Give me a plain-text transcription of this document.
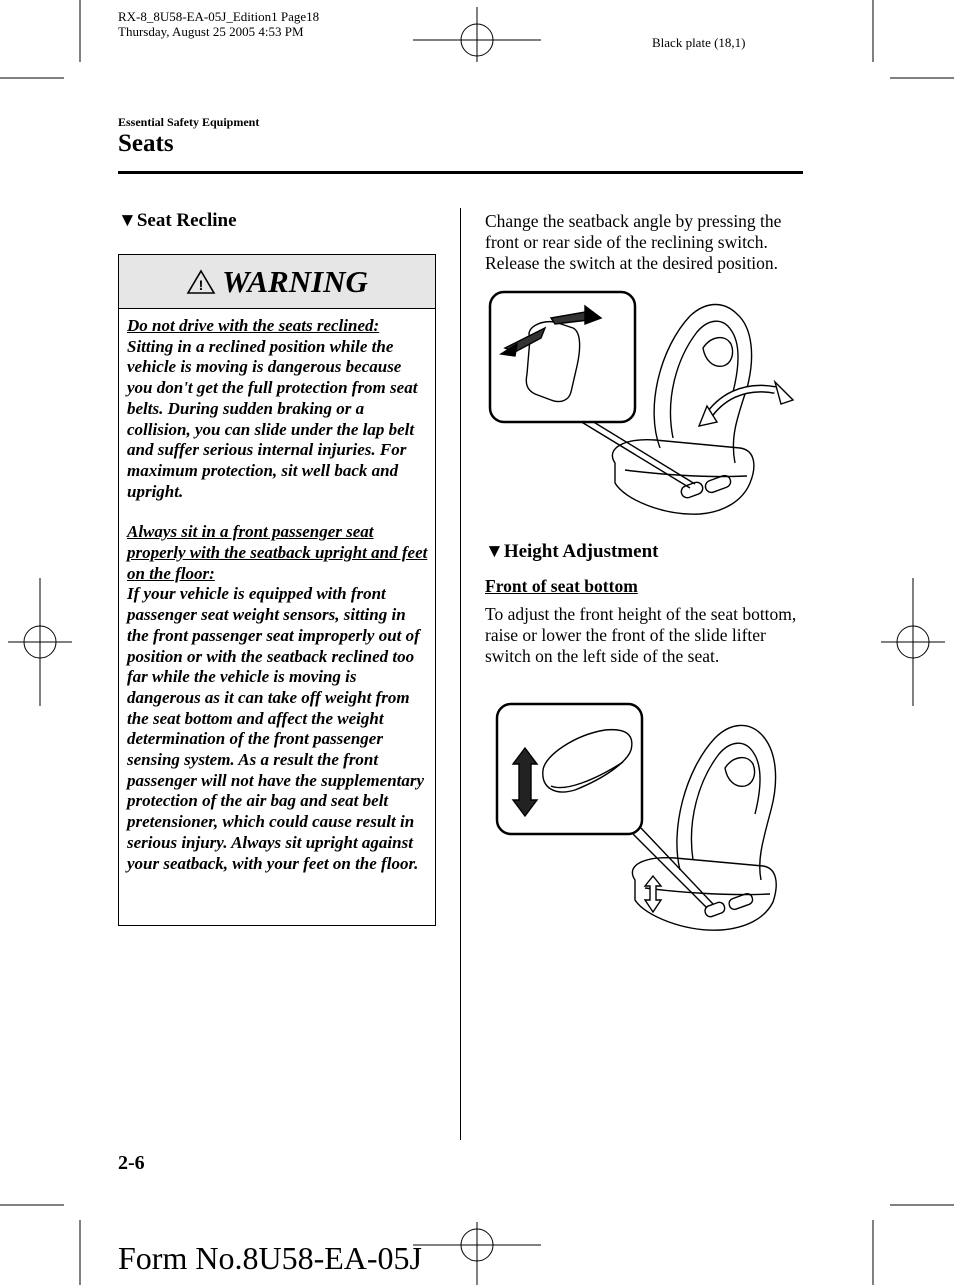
RX-8_8U58-EA-05J_Edition1 Page18
Thursday, August 25 2005 4:53 PM
Black plate (18,1)
Essential Safety Equipment
Seats
▼Seat Recline
! WARNING
Do not drive with the seats reclined:
Sitting in a reclined position while the vehicle is moving is dangerous because you don't get the full protection from seat belts. During sudden braking or a collision, you can slide under the lap belt and suffer serious internal injuries. For maximum protection, sit well back and upright.
Always sit in a front passenger seat properly with the seatback upright and feet on the floor:
If your vehicle is equipped with front passenger seat weight sensors, sitting in the front passenger seat improperly out of position or with the seatback reclined too far while the vehicle is moving is dangerous as it can take off weight from the seat bottom and affect the weight determination of the front passenger sensing system. As a result the front passenger will not have the supplementary protection of the air bag and seat belt pretensioner, which could cause result in serious injury. Always sit upright against your seatback, with your feet on the floor.
Change the seatback angle by pressing the front or rear side of the reclining switch. Release the switch at the desired position.
▼Height Adjustment
Front of seat bottom
To adjust the front height of the seat bottom, raise or lower the front of the slide lifter switch on the left side of the seat.
2-6
Form No.8U58-EA-05J
